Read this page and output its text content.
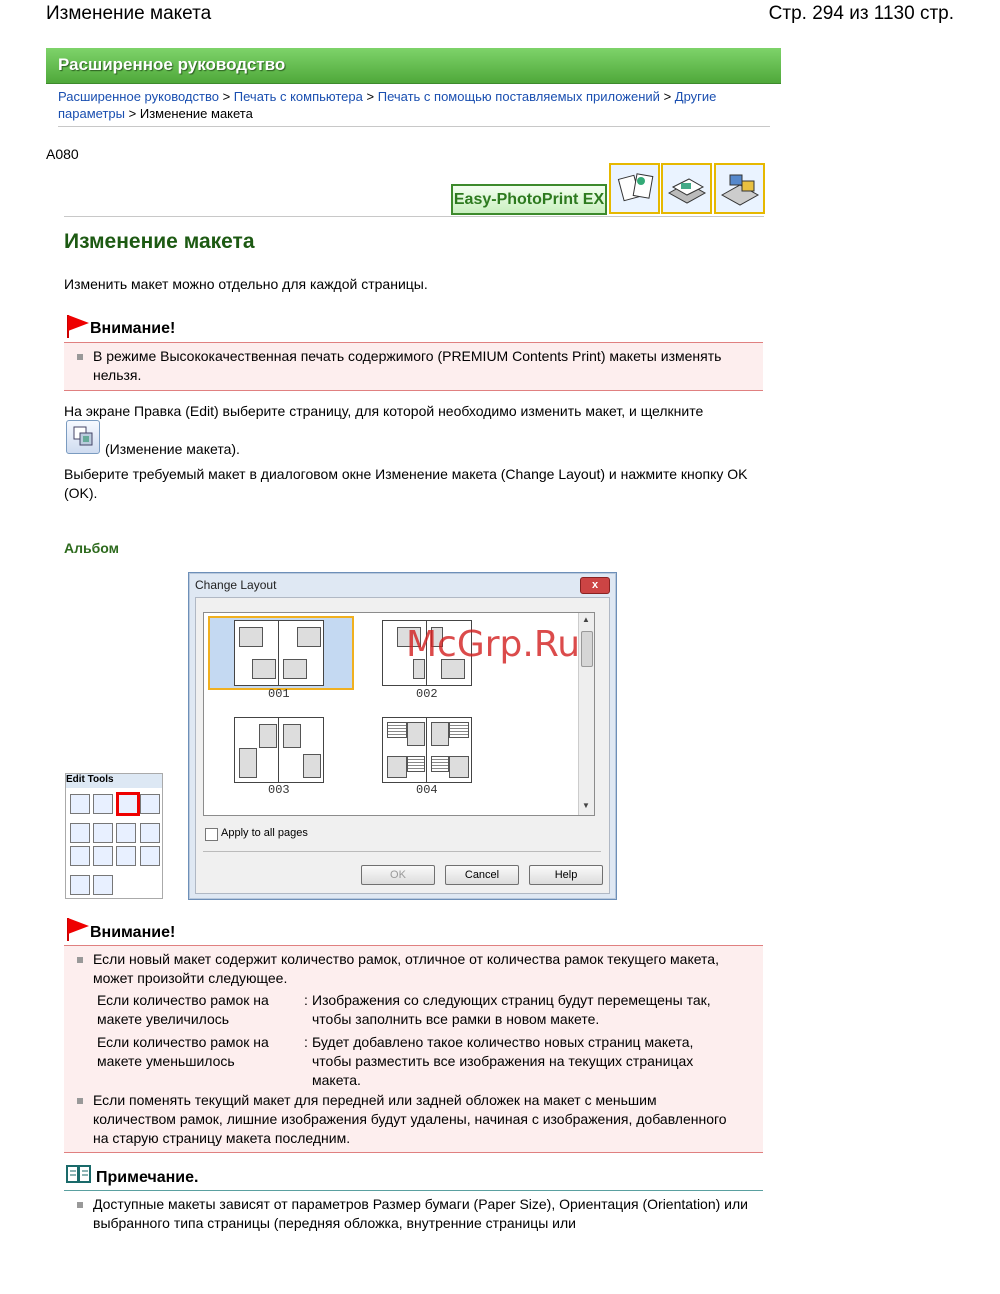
Изменение макета	Стр. 294 из 1130 стр.
Расширенное руководство
Расширенное руководство > Печать с компьютера > Печать с помощью поставляемых приложений > Другие параметры > Изменение макета
A080
Easy-PhotoPrint EX
Изменение макета
Изменить макет можно отдельно для каждой страницы.
Внимание!
В режиме Высококачественная печать содержимого (PREMIUM Contents Print) макеты изменять нельзя.
На экране Правка (Edit) выберите страницу, для которой необходимо изменить макет, и щелкните
(Изменение макета).
Выберите требуемый макет в диалоговом окне Изменение макета (Change Layout) и нажмите кнопку OK (OK).
Альбом
Edit Tools
Change Layout	x
001	002
003	004
▲
▼
Apply to all pages
OK	Cancel	Help
McGrp.Ru
Внимание!
Если новый макет содержит количество рамок, отличное от количества рамок текущего макета, может произойти следующее.
Если количество рамок на макете увеличилось
: Изображения со следующих страниц будут перемещены так, чтобы заполнить все рамки в новом макете.
Если количество рамок на макете уменьшилось
: Будет добавлено такое количество новых страниц макета, чтобы разместить все изображения на текущих страницах макета.
Если поменять текущий макет для передней или задней обложек на макет с меньшим количеством рамок, лишние изображения будут удалены, начиная с изображения, добавленного на старую страницу макета последним.
Примечание.
Доступные макеты зависят от параметров Размер бумаги (Paper Size), Ориентация (Orientation) или выбранного типа страницы (передняя обложка, внутренние страницы или
